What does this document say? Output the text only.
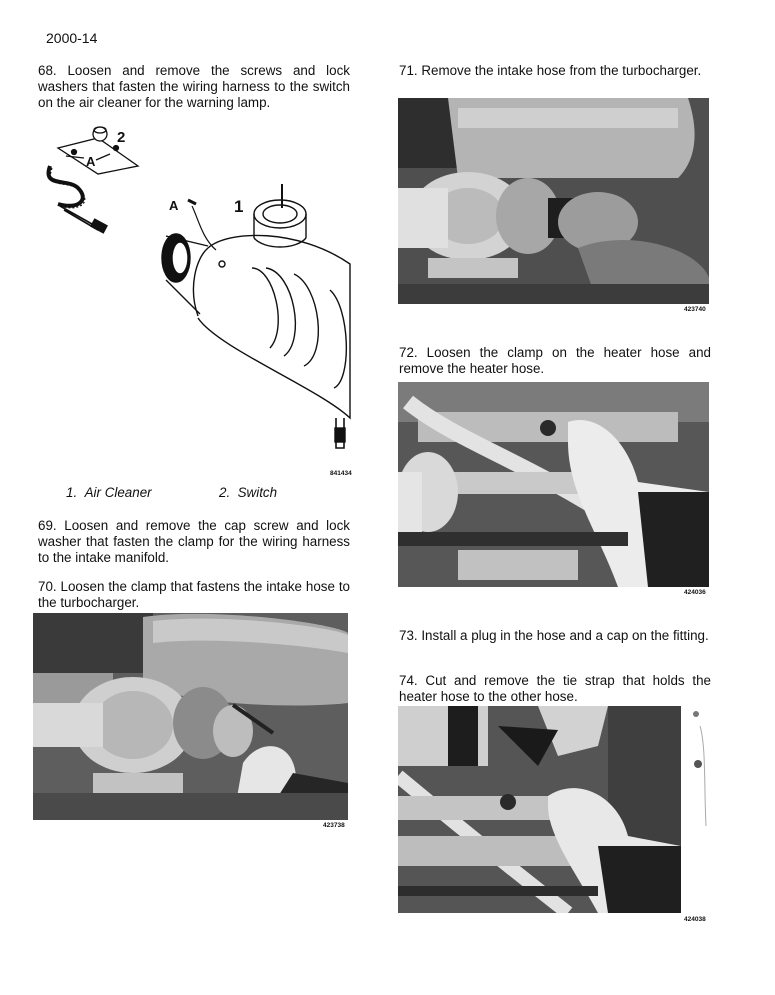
2000-14
68. Loosen and remove the screws and lock washers that fasten the wiring harness to the switch on the air cleaner for the warning lamp.
2
A
A	1
841434
1. Air Cleaner	2. Switch
69. Loosen and remove the cap screw and lock washer that fasten the clamp for the wiring harness to the intake manifold.
70. Loosen the clamp that fastens the intake hose to the turbocharger.
423738
71. Remove the intake hose from the turbocharger.
423740
72. Loosen the clamp on the heater hose and remove the heater hose.
424036
73. Install a plug in the hose and a cap on the fitting.
74. Cut and remove the tie strap that holds the heater hose to the other hose.
424038
